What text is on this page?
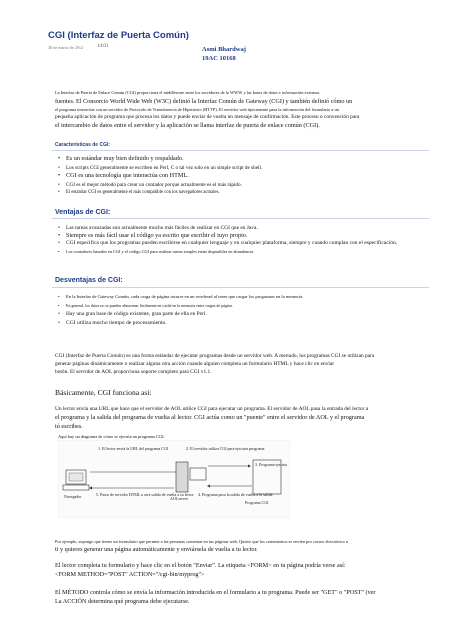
CGI (Interfaz de Puerta Común)
30 de marzo de 2012	14:01	Asmi Bhardwaj
19AC 10168

La Interfaz de Puerta de Enlace Común (CGI) proporciona el middleware entre los servidores de la WWW y las bases de datos e información externas.

fuentes. El Consorcio World Wide Web (W3C) definió la Interfaz Común de Gateway (CGI) y también definió cómo un

el programa interactúa con un servidor de Protocolo de Transferencia de Hipertexto (HTTP). El servidor web típicamente pasa la información del formulario a un

pequeña aplicación de programa que procesa los datos y puede enviar de vuelta un mensaje de confirmación. Este proceso o convención para

el intercambio de datos entre el servidor y la aplicación se llama interfaz de puerta de enlace común (CGI).

Características de CGI:
• Es un estándar muy bien definido y respaldado.
• Los scripts CGI generalmente se escriben en Perl, C o tal vez solo en un simple script de shell.
• CGI es una tecnología que interactúa con HTML.
• CGI es el mejor método para crear un contador porque actualmente es el más rápido.
• El estándar CGI es generalmente el más compatible con los navegadores actuales.
Ventajas de CGI:
• Las tareas avanzadas son actualmente mucho más fáciles de realizar en CGI que en Java.
• Siempre es más fácil usar el código ya escrito que escribir el tuyo propio.
• CGI especifica que los programas pueden escribirse en cualquier lenguaje y en cualquier plataforma, siempre y cuando cumplan con el especificación.
• Los contadores basados en CGI y el código CGI para realizar tareas simples están disponibles en abundancia.
Desventajas de CGI:
• En la Interfaz de Gateway Común, cada carga de página incurre en un overhead al tener que cargar los programas en la memoria.
• En general, los datos no se pueden almacenar fácilmente en caché en la memoria entre cargas de página.
• Hay una gran base de código existente, gran parte de ella en Perl.
• CGI utiliza mucho tiempo de procesamiento.

CGI (Interfaz de Puerta Común) es una forma estándar de ejecutar programas desde un servidor web. A menudo, los programas CGI se utilizan para

generar páginas dinámicamente o realizar alguna otra acción cuando alguien completa un formulario HTML y hace clic en enviar

botón. El servidor de AOL proporciona soporte completo para CGI v1.1.

Básicamente, CGI funciona así:

Un lector envía una URL que hace que el servidor de AOL utilice CGI para ejecutar un programa. El servidor de AOL pasa la entrada del lector a

el programa y la salida del programa de vuelta al lector. CGI actúa como un "puente" entre el servidor de AOL y el programa

tú escribes.

Aquí hay un diagrama de cómo se ejecuta un programa CGI:

Navegador
1. El lector envía la URL del programa CGI
AOLserver
2. El servidor utiliza CGI para ejecutar programa
3. Programa ejecuta
Programa CGI
4. Programa pasa la salida de vuelta a la salida
5. Pasos de servidor HTML u otra salida de vuelta a su lector

Por ejemplo, supongo que tienes un formulario que permite a las personas comentar en tus páginas web. Quiero que los comentarios se envíen por correo electrónico a

ti y quieres generar una página automáticamente y enviársela de vuelta a tu lector.

El lector completa tu formulario y hace clic en el botón "Enviar". La etiqueta <FORM> en tu página podría verse así:

<FORM METHOD="POST" ACTION="/cgi-bin/myprog">

El MÉTODO controla cómo se envía la información introducida en el formulario a tu programa. Puede ser "GET" o "POST" (ver

La ACCIÓN determina qué programa debe ejecutarse.
